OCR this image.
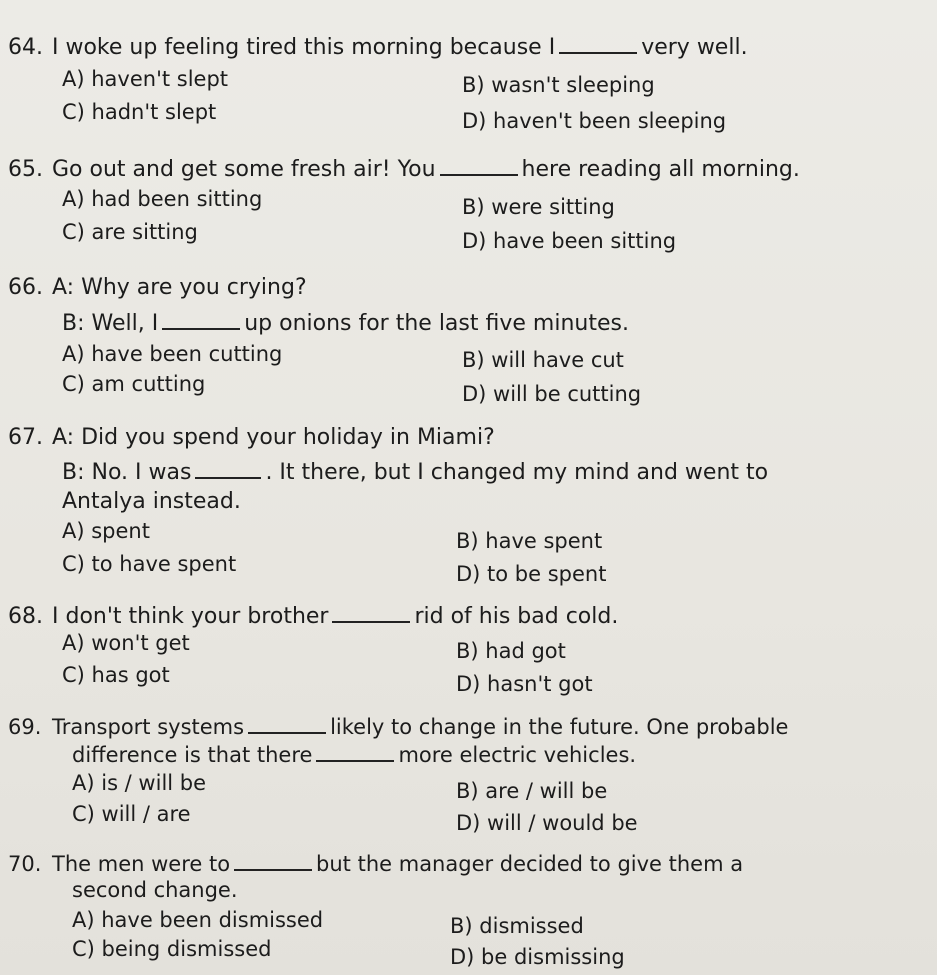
64. I woke up feeling tired this morning because I	very well.
A) haven't slept	B) wasn't sleeping
C) hadn't slept	D) haven't been sleeping
65. Go out and get some fresh air! You	here reading all morning.
A) had been sitting	B) were sitting
C) are sitting	D) have been sitting
66. A: Why are you crying?
B: Well, I	up onions for the last five minutes.
A) have been cutting	B) will have cut
C) am cutting	D) will be cutting
67. A: Did you spend your holiday in Miami?
B: No. I was	. It there, but I changed my mind and went to
Antalya instead.
A) spent	B) have spent
C) to have spent	D) to be spent
68. I don't think your brother	rid of his bad cold.
A) won't get	B) had got
C) has got	D) hasn't got
69. Transport systems	likely to change in the future. One probable
difference is that there	more electric vehicles.
A) is / will be	B) are / will be
C) will / are	D) will / would be
70. The men were to	but the manager decided to give them a
second change.
A) have been dismissed	B) dismissed
C) being dismissed	D) be dismissing
